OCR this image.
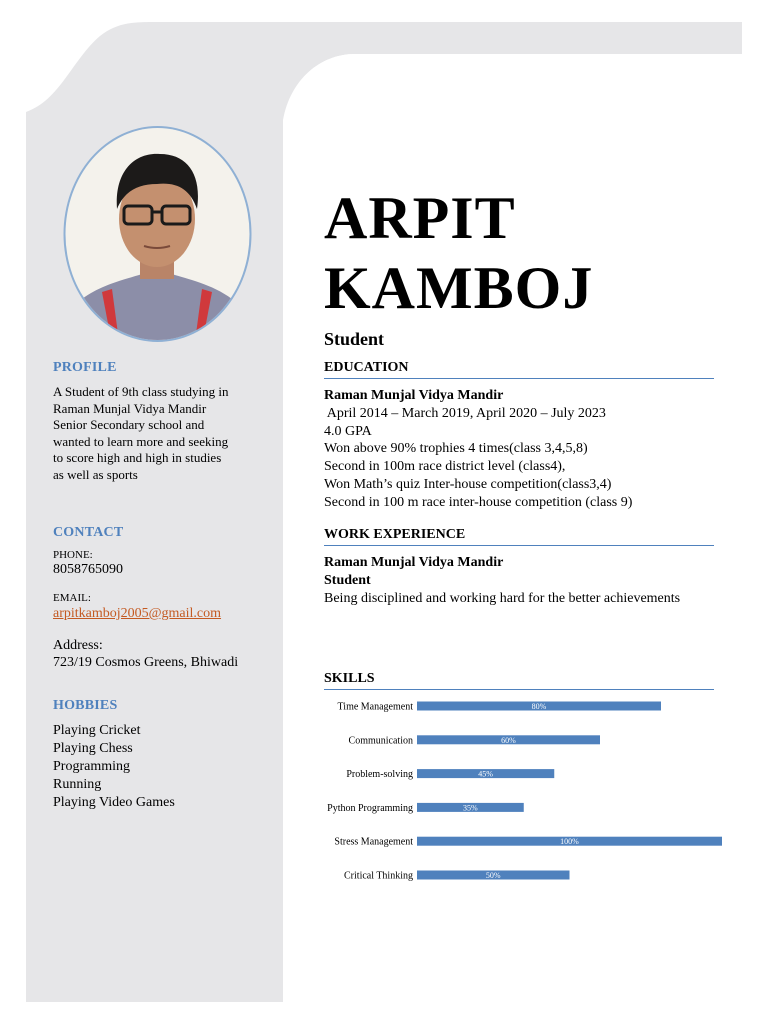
PROFILE
A Student of 9th class studying in
Raman Munjal Vidya Mandir
Senior Secondary school and
wanted to learn more and seeking
to score high and high in studies
as well as sports
CONTACT

PHONE:

8058765090

EMAIL:

arpitkamboj2005@gmail.com

Address:

723/19 Cosmos Greens, Bhiwadi

HOBBIES
Playing Cricket
Playing Chess
Programming
Running
Playing Video Games

ARPIT

KAMBOJ

Student

EDUCATION
Raman Munjal Vidya Mandir
April 2014 – March 2019, April 2020 – July 2023
4.0 GPA
Won above 90% trophies 4 times(class 3,4,5,8)
Second in 100m race district level (class4),
Won Math’s quiz Inter-house competition(class3,4)
Second in 100 m race inter-house competition (class 9)
WORK EXPERIENCE
Raman Munjal Vidya Mandir
Student
Being disciplined and working hard for the better achievements
SKILLS
Time Management	80%
Communication	60%
Problem-solving	45%
Python Programming	35%
Stress Management	100%
Critical Thinking	50%
